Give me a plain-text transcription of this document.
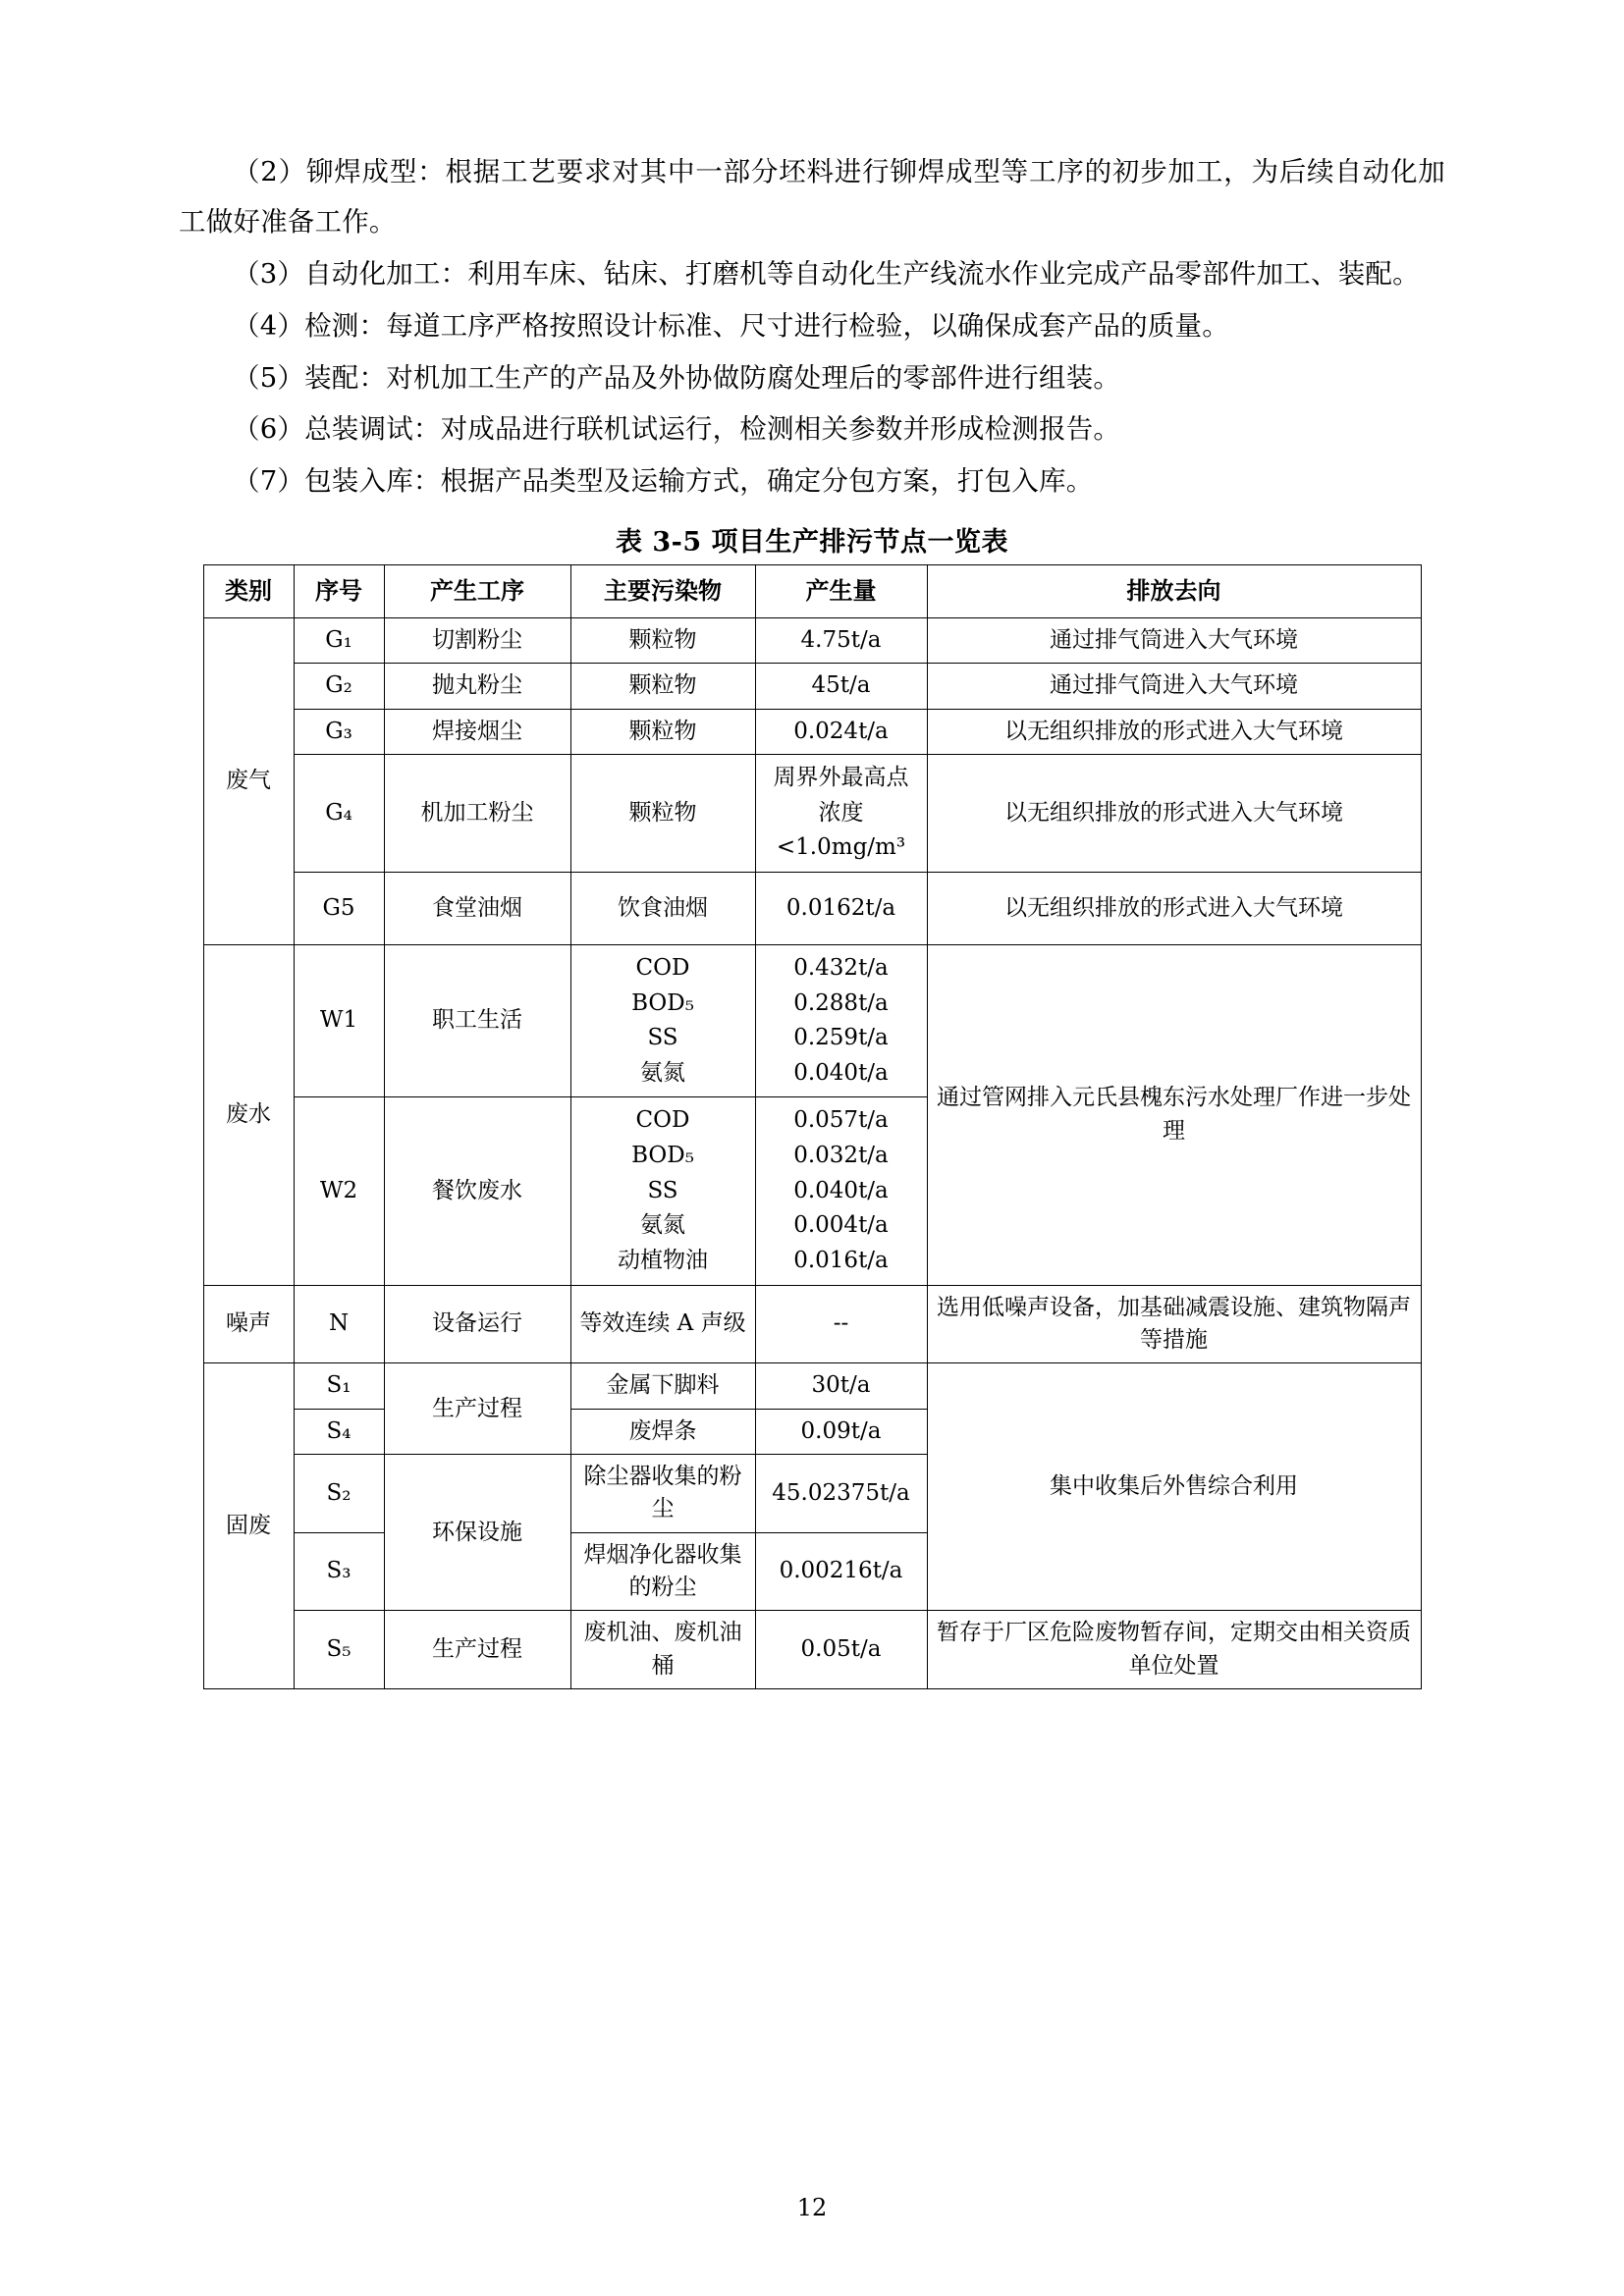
（2）铆焊成型：根据工艺要求对其中一部分坯料进行铆焊成型等工序的初步加工，为后续自动化加工做好准备工作。

（3）自动化加工：利用车床、钻床、打磨机等自动化生产线流水作业完成产品零部件加工、装配。

（4）检测：每道工序严格按照设计标准、尺寸进行检验，以确保成套产品的质量。

（5）装配：对机加工生产的产品及外协做防腐处理后的零部件进行组装。

（6）总装调试：对成品进行联机试运行，检测相关参数并形成检测报告。

（7）包装入库：根据产品类型及运输方式，确定分包方案，打包入库。

表 3-5 项目生产排污节点一览表
类别	序号	产生工序	主要污染物	产生量	排放去向
废气	G₁	切割粉尘	颗粒物	4.75t/a	通过排气筒进入大气环境
	G₂	抛丸粉尘	颗粒物	45t/a	通过排气筒进入大气环境
	G₃	焊接烟尘	颗粒物	0.024t/a	以无组织排放的形式进入大气环境
	G₄	机加工粉尘	颗粒物	周界外最高点
浓度<1.0mg/m³	以无组织排放的形式进入大气环境
	G5	食堂油烟	饮食油烟	0.0162t/a	以无组织排放的形式进入大气环境
废水	W1	职工生活	COD
BOD₅
SS
氨氮	0.432t/a
0.288t/a
0.259t/a
0.040t/a	通过管网排入元氏县槐东污水处理厂作进一步处理
	W2	餐饮废水	COD
BOD₅
SS
氨氮
动植物油	0.057t/a
0.032t/a
0.040t/a
0.004t/a
0.016t/a	

噪声	N	设备运行	等效连续 A 声级	--	选用低噪声设备，加基础减震设施、建筑物隔声等措施
固废	S₁	生产过程	金属下脚料	30t/a	集中收集后外售综合利用
	S₄		废焊条	0.09t/a	
	S₂	环保设施	除尘器收集的粉尘	45.02375t/a	
	S₃		焊烟净化器收集的粉尘	0.00216t/a	
	S₅	生产过程	废机油、废机油桶	0.05t/a	暂存于厂区危险废物暂存间，定期交由相关资质单位处置
12
